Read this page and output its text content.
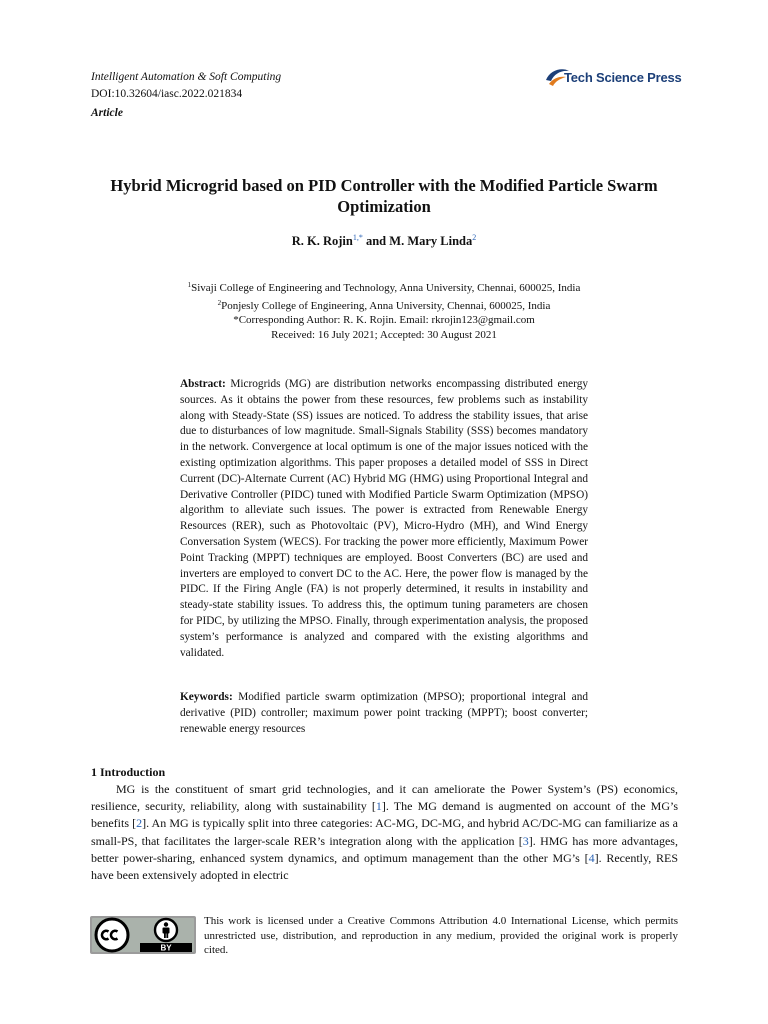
Intelligent Automation & Soft Computing
DOI:10.32604/iasc.2022.021834
Article
Tech Science Press
Hybrid Microgrid based on PID Controller with the Modified Particle Swarm Optimization
R. K. Rojin$^{1,*}$ and M. Mary Linda$^2$
$^1$Sivaji College of Engineering and Technology, Anna University, Chennai, 600025, India
$^2$Ponjesly College of Engineering, Anna University, Chennai, 600025, India
*Corresponding Author: R. K. Rojin. Email: rkrojin123@gmail.com
Received: 16 July 2021; Accepted: 30 August 2021
Abstract: Microgrids (MG) are distribution networks encompassing distributed energy sources. As it obtains the power from these resources, few problems such as instability along with Steady-State (SS) issues are noticed. To address the stability issues, that arise due to disturbances of low magnitude. Small-Signals Stability (SSS) becomes mandatory in the network. Convergence at local optimum is one of the major issues noticed with the existing optimization algorithms. This paper proposes a detailed model of SSS in Direct Current (DC)-Alternate Current (AC) Hybrid MG (HMG) using Proportional Integral and Derivative Controller (PIDC) tuned with Modified Particle Swarm Optimization (MPSO) algorithm to alleviate such issues. The power is extracted from Renewable Energy Resources (RER), such as Photovoltaic (PV), Micro-Hydro (MH), and Wind Energy Conversation System (WECS). For tracking the power more efficiently, Maximum Power Point Tracking (MPPT) techniques are employed. Boost Converters (BC) are used and inverters are employed to convert DC to the AC. Here, the power flow is managed by the PIDC. If the Firing Angle (FA) is not properly determined, it results in instability and steady-state stability issues. To address this, the optimum tuning parameters are chosen for PIDC, by utilizing the MPSO. Finally, through experimentation analysis, the proposed system’s performance is analyzed and compared with the existing algorithms and validated.
Keywords: Modified particle swarm optimization (MPSO); proportional integral and derivative (PID) controller; maximum power point tracking (MPPT); boost converter; renewable energy resources
1 Introduction
MG is the constituent of smart grid technologies, and it can ameliorate the Power System’s (PS) economics, resilience, security, reliability, along with sustainability [1]. The MG demand is augmented on account of the MG’s benefits [2]. An MG is typically split into three categories: AC-MG, DC-MG, and hybrid AC/DC-MG can familiarize as a small-PS, that facilitates the larger-scale RER’s integration along with the application [3]. HMG has more advantages, better power-sharing, enhanced system dynamics, and optimum management than the other MG’s [4]. Recently, RES have been extensively adopted in electric
BY
This work is licensed under a Creative Commons Attribution 4.0 International License, which permits unrestricted use, distribution, and reproduction in any medium, provided the original work is properly cited.
